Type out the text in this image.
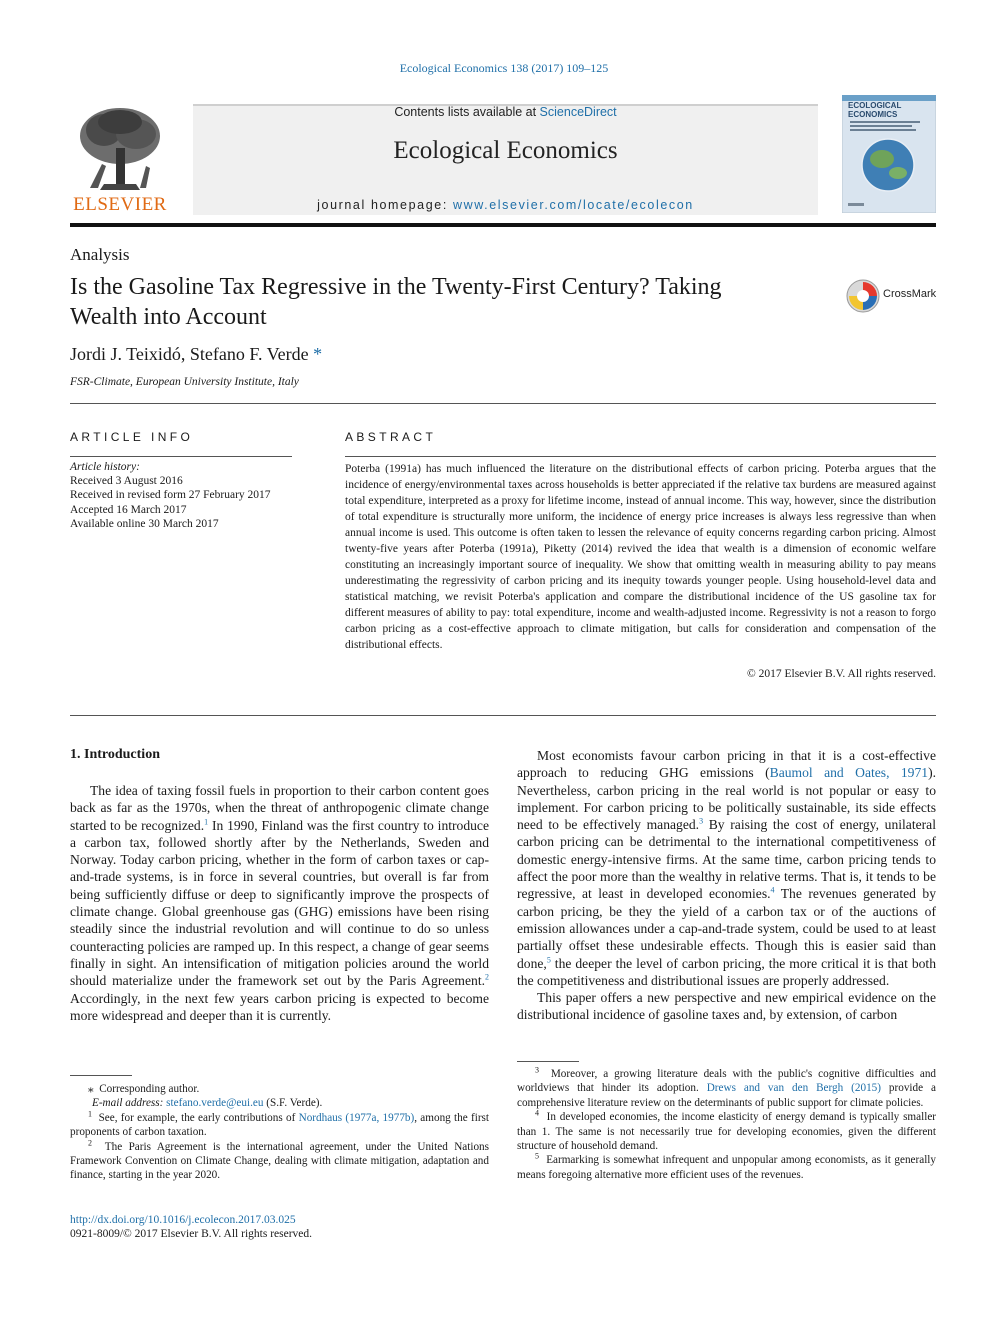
Ecological Economics 138 (2017) 109–125
ELSEVIER
Contents lists available at ScienceDirect
Ecological Economics
journal homepage: www.elsevier.com/locate/ecolecon
ECOLOGICAL
ECONOMICS
Analysis
Is the Gasoline Tax Regressive in the Twenty-First Century? Taking Wealth into Account
CrossMark
Jordi J. Teixidó, Stefano F. Verde *
FSR-Climate, European University Institute, Italy
ARTICLE INFO
Article history:
Received 3 August 2016
Received in revised form 27 February 2017
Accepted 16 March 2017
Available online 30 March 2017
ABSTRACT
Poterba (1991a) has much influenced the literature on the distributional effects of carbon pricing. Poterba argues that the incidence of energy/environmental taxes across households is better appreciated if the relative tax burdens are measured against total expenditure, interpreted as a proxy for lifetime income, instead of annual income. This way, however, since the distribution of total expenditure is structurally more uniform, the incidence of energy price increases is always less regressive than when annual income is used. This outcome is often taken to lessen the relevance of equity concerns regarding carbon pricing. Almost twenty-five years after Poterba (1991a), Piketty (2014) revived the idea that wealth is a dimension of economic welfare constituting an increasingly important source of inequality. We show that omitting wealth in measuring ability to pay means underestimating the regressivity of carbon pricing and its inequity towards younger people. Using household-level data and statistical matching, we revisit Poterba's application and compare the distributional incidence of the US gasoline tax for different measures of ability to pay: total expenditure, income and wealth-adjusted income. Regressivity is not a reason to forgo carbon pricing as a cost-effective approach to climate mitigation, but calls for consideration and compensation of the distributional effects.
© 2017 Elsevier B.V. All rights reserved.
1. Introduction

The idea of taxing fossil fuels in proportion to their carbon content goes back as far as the 1970s, when the threat of anthropogenic climate change started to be recognized.$^1$ In 1990, Finland was the first country to introduce a carbon tax, followed shortly after by the Netherlands, Sweden and Norway. Today carbon pricing, whether in the form of carbon taxes or cap-and-trade systems, is in force in several countries, but overall is far from being sufficiently diffuse or deep to significantly improve the prospects of climate change. Global greenhouse gas (GHG) emissions have been rising steadily since the industrial revolution and will continue to do so unless counteracting policies are ramped up. In this respect, a change of gear seems finally in sight. An intensification of mitigation policies around the world should materialize under the framework set out by the Paris Agreement.$^2$ Accordingly, in the next few years carbon pricing is expected to become more widespread and deeper than it is currently.

Most economists favour carbon pricing in that it is a cost-effective approach to reducing GHG emissions (Baumol and Oates, 1971). Nevertheless, carbon pricing in the real world is not popular or easy to implement. For carbon pricing to be politically sustainable, its side effects need to be effectively managed.$^3$ By raising the cost of energy, unilateral carbon pricing can be detrimental to the international competitiveness of domestic energy-intensive firms. At the same time, carbon pricing tends to affect the poor more than the wealthy in relative terms. That is, it tends to be regressive, at least in developed economies.$^4$ The revenues generated by carbon pricing, be they the yield of a carbon tax or of the auctions of emission allowances under a cap-and-trade system, could be used to at least partially offset these undesirable effects. Though this is easier said than done,$^5$ the deeper the level of carbon pricing, the more critical it is that both the competitiveness and distributional issues are properly addressed.

This paper offers a new perspective and new empirical evidence on the distributional incidence of gasoline taxes and, by extension, of carbon

⁎ Corresponding author.

E-mail address: stefano.verde@eui.eu (S.F. Verde).

$^1$ See, for example, the early contributions of Nordhaus (1977a, 1977b), among the first proponents of carbon taxation.

$^2$ The Paris Agreement is the international agreement, under the United Nations Framework Convention on Climate Change, dealing with climate mitigation, adaptation and finance, starting in the year 2020.

$^3$ Moreover, a growing literature deals with the public's cognitive difficulties and worldviews that hinder its adoption. Drews and van den Bergh (2015) provide a comprehensive literature review on the determinants of public support for climate policies.

$^4$ In developed economies, the income elasticity of energy demand is typically smaller than 1. The same is not necessarily true for developing economies, given the different structure of household demand.

$^5$ Earmarking is somewhat infrequent and unpopular among economists, as it generally means foregoing alternative more efficient uses of the revenues.

http://dx.doi.org/10.1016/j.ecolecon.2017.03.025
0921-8009/© 2017 Elsevier B.V. All rights reserved.
